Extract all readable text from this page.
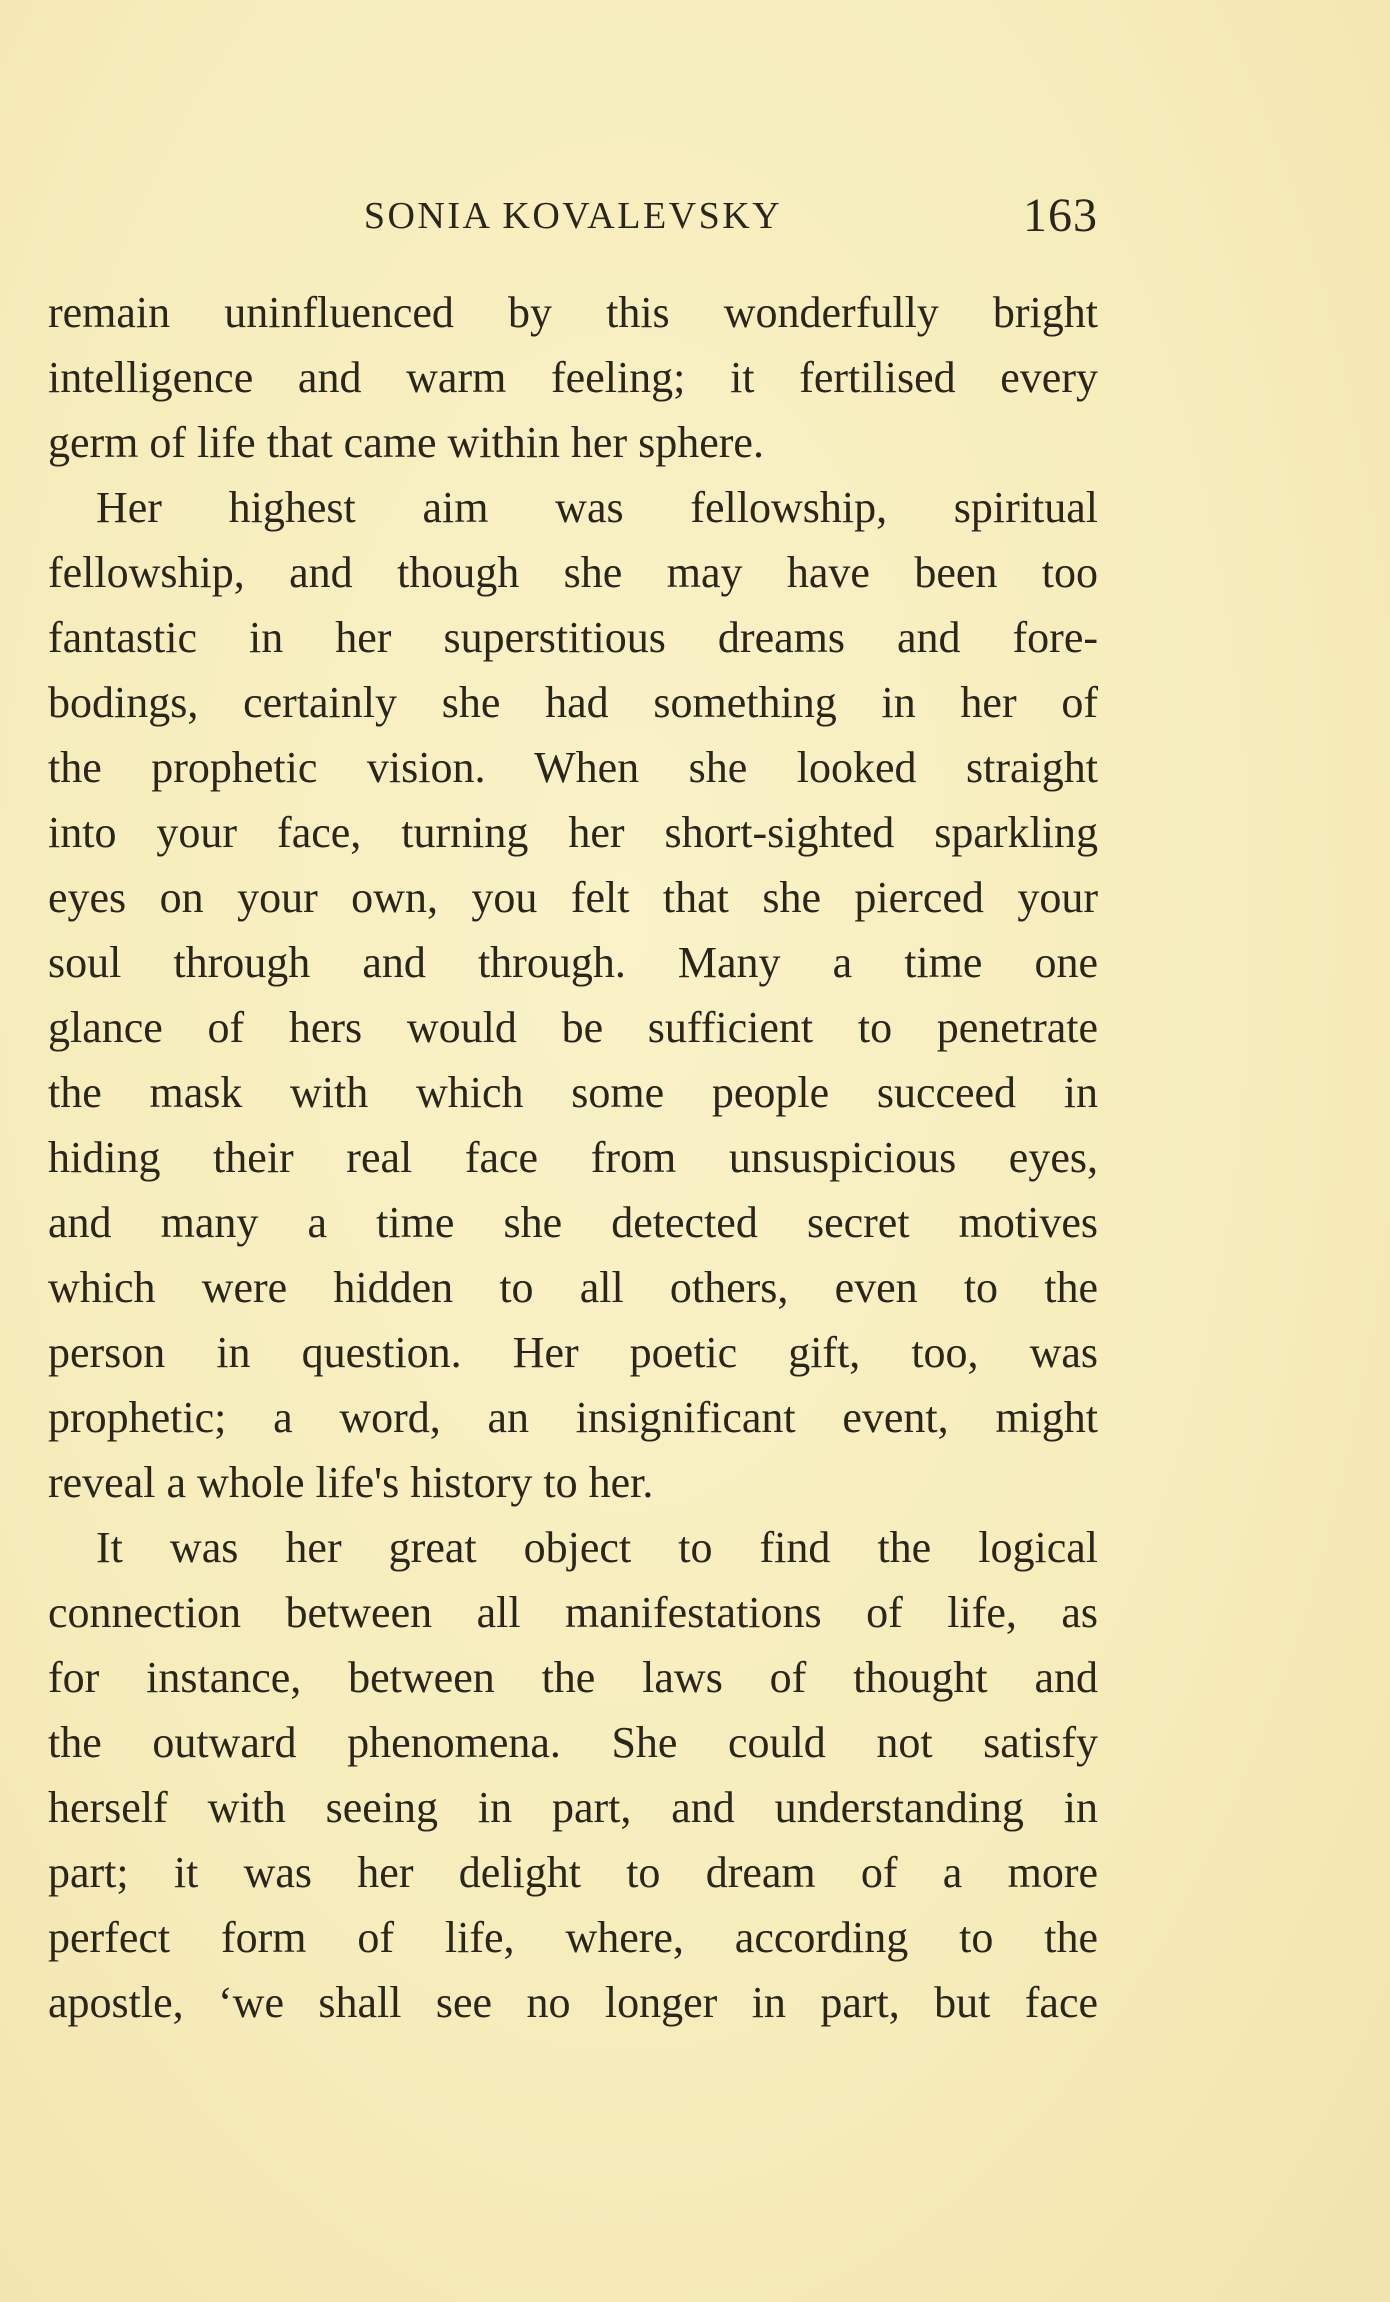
SONIA KOVALEVSKY	163
remain uninfluenced by this wonderfully bright
intelligence and warm feeling; it fertilised every
germ of life that came within her sphere.
Her highest aim was fellowship, spiritual
fellowship, and though she may have been too
fantastic in her superstitious dreams and fore-
bodings, certainly she had something in her of
the prophetic vision. When she looked straight
into your face, turning her short-sighted sparkling
eyes on your own, you felt that she pierced your
soul through and through. Many a time one
glance of hers would be sufficient to penetrate
the mask with which some people succeed in
hiding their real face from unsuspicious eyes,
and many a time she detected secret motives
which were hidden to all others, even to the
person in question. Her poetic gift, too, was
prophetic; a word, an insignificant event, might
reveal a whole life's history to her.
It was her great object to find the logical
connection between all manifestations of life, as
for instance, between the laws of thought and
the outward phenomena. She could not satisfy
herself with seeing in part, and understanding in
part; it was her delight to dream of a more
perfect form of life, where, according to the
apostle, ‘we shall see no longer in part, but face
